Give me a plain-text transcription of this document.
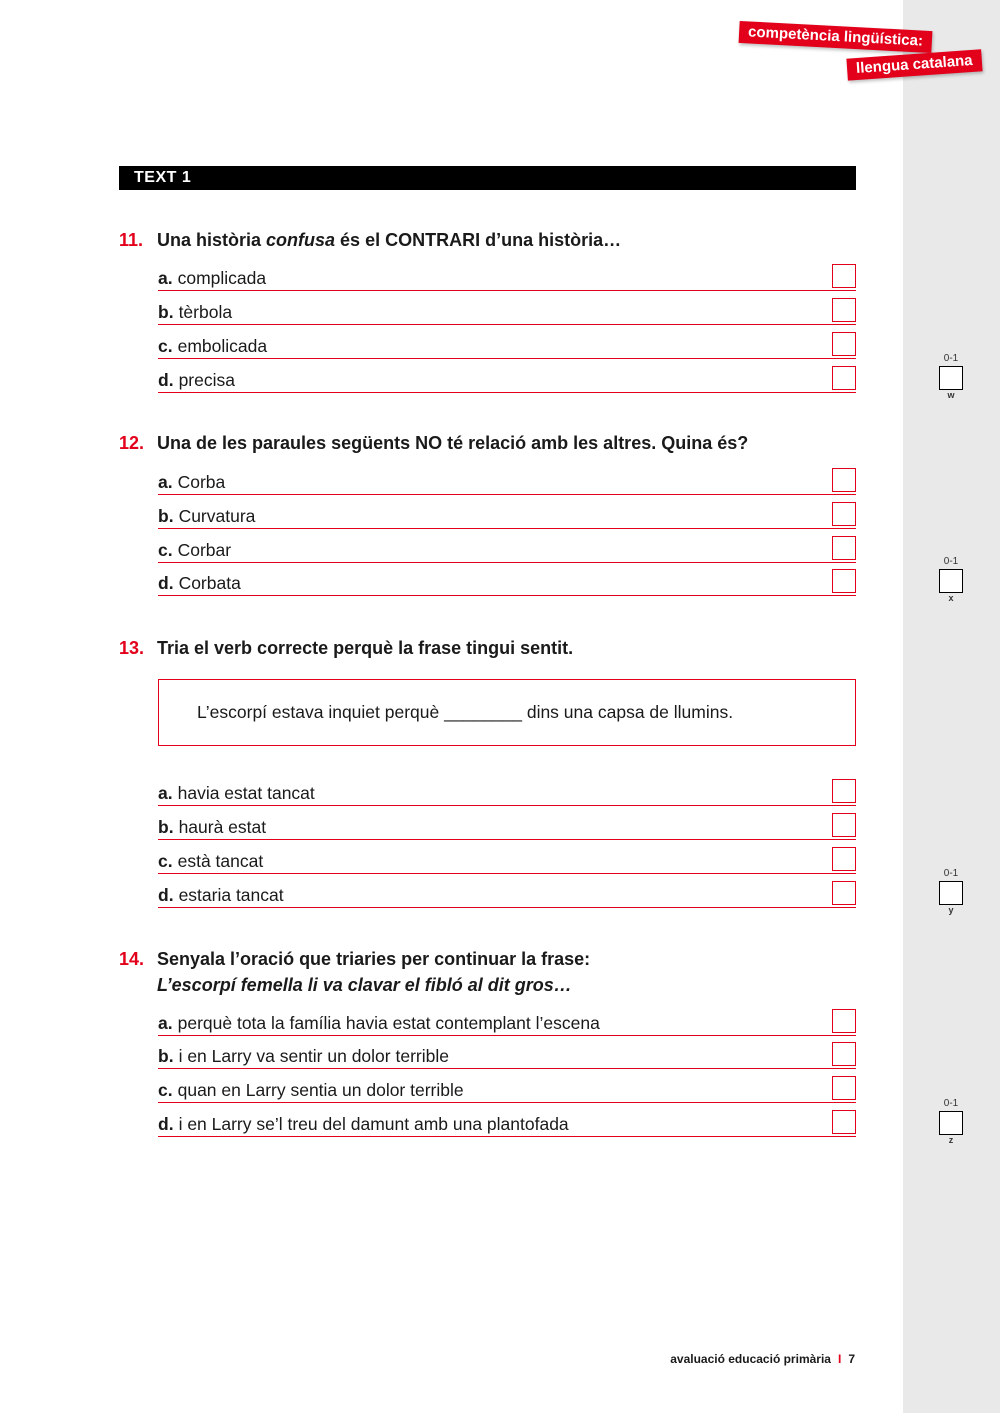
competència lingüística:
llengua catalana
TEXT 1
11. Una història confusa és el CONTRARI d’una història…
a. complicada
b. tèrbola
c. embolicada
d. precisa
0-1
w
12. Una de les paraules següents NO té relació amb les altres. Quina és?
a. Corba
b. Curvatura
c. Corbar
d. Corbata
0-1
x
13. Tria el verb correcte perquè la frase tingui sentit.
L’escorpí estava inquiet perquè ________ dins una capsa de llumins.
a. havia estat tancat
b. haurà estat
c. està tancat
d. estaria tancat
0-1
y
14. Senyala l’oració que triaries per continuar la frase:
L’escorpí femella li va clavar el fibló al dit gros…
a. perquè tota la família havia estat contemplant l’escena
b. i en Larry va sentir un dolor terrible
c. quan en Larry sentia un dolor terrible
d. i en Larry se’l treu del damunt amb una plantofada
0-1
z
avaluació educació primària I 7
